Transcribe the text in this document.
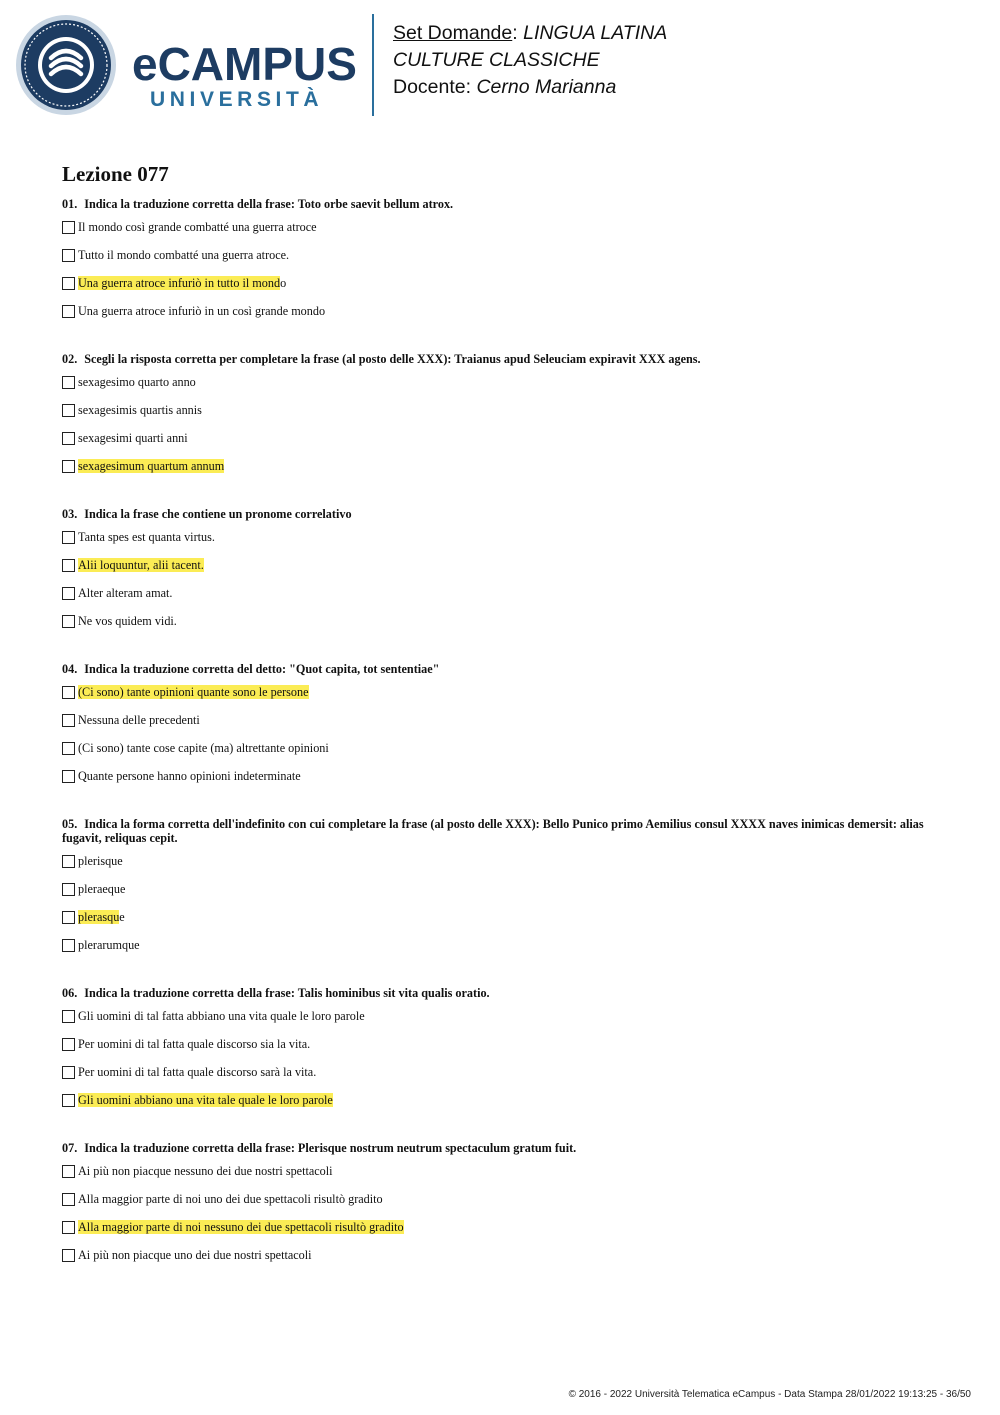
eCAMPUS
UNIVERSITÀ
Set Domande: LINGUA LATINA
CULTURE CLASSICHE
Docente: Cerno Marianna
Lezione 077
01. Indica la traduzione corretta della frase: Toto orbe saevit bellum atrox.
Il mondo così grande combatté una guerra atroce
Tutto il mondo combatté una guerra atroce.
Una guerra atroce infuriò in tutto il mondo
Una guerra atroce infuriò in un così grande mondo
02. Scegli la risposta corretta per completare la frase (al posto delle XXX): Traianus apud Seleuciam expiravit XXX agens.
sexagesimo quarto anno
sexagesimis quartis annis
sexagesimi quarti anni
sexagesimum quartum annum
03. Indica la frase che contiene un pronome correlativo
Tanta spes est quanta virtus.
Alii loquuntur, alii tacent.
Alter alteram amat.
Ne vos quidem vidi.
04. Indica la traduzione corretta del detto: "Quot capita, tot sententiae"
(Ci sono) tante opinioni quante sono le persone
Nessuna delle precedenti
(Ci sono) tante cose capite (ma) altrettante opinioni
Quante persone hanno opinioni indeterminate
05. Indica la forma corretta dell'indefinito con cui completare la frase (al posto delle XXX): Bello Punico primo Aemilius consul XXXX naves inimicas demersit: alias fugavit, reliquas cepit.
plerisque
pleraeque
plerasque
plerarumque
06. Indica la traduzione corretta della frase: Talis hominibus sit vita qualis oratio.
Gli uomini di tal fatta abbiano una vita quale le loro parole
Per uomini di tal fatta quale discorso sia la vita.
Per uomini di tal fatta quale discorso sarà la vita.
Gli uomini abbiano una vita tale quale le loro parole
07. Indica la traduzione corretta della frase: Plerisque nostrum neutrum spectaculum gratum fuit.
Ai più non piacque nessuno dei due nostri spettacoli
Alla maggior parte di noi uno dei due spettacoli risultò gradito
Alla maggior parte di noi nessuno dei due spettacoli risultò gradito
Ai più non piacque uno dei due nostri spettacoli
© 2016 - 2022 Università Telematica eCampus - Data Stampa 28/01/2022 19:13:25 - 36/50
